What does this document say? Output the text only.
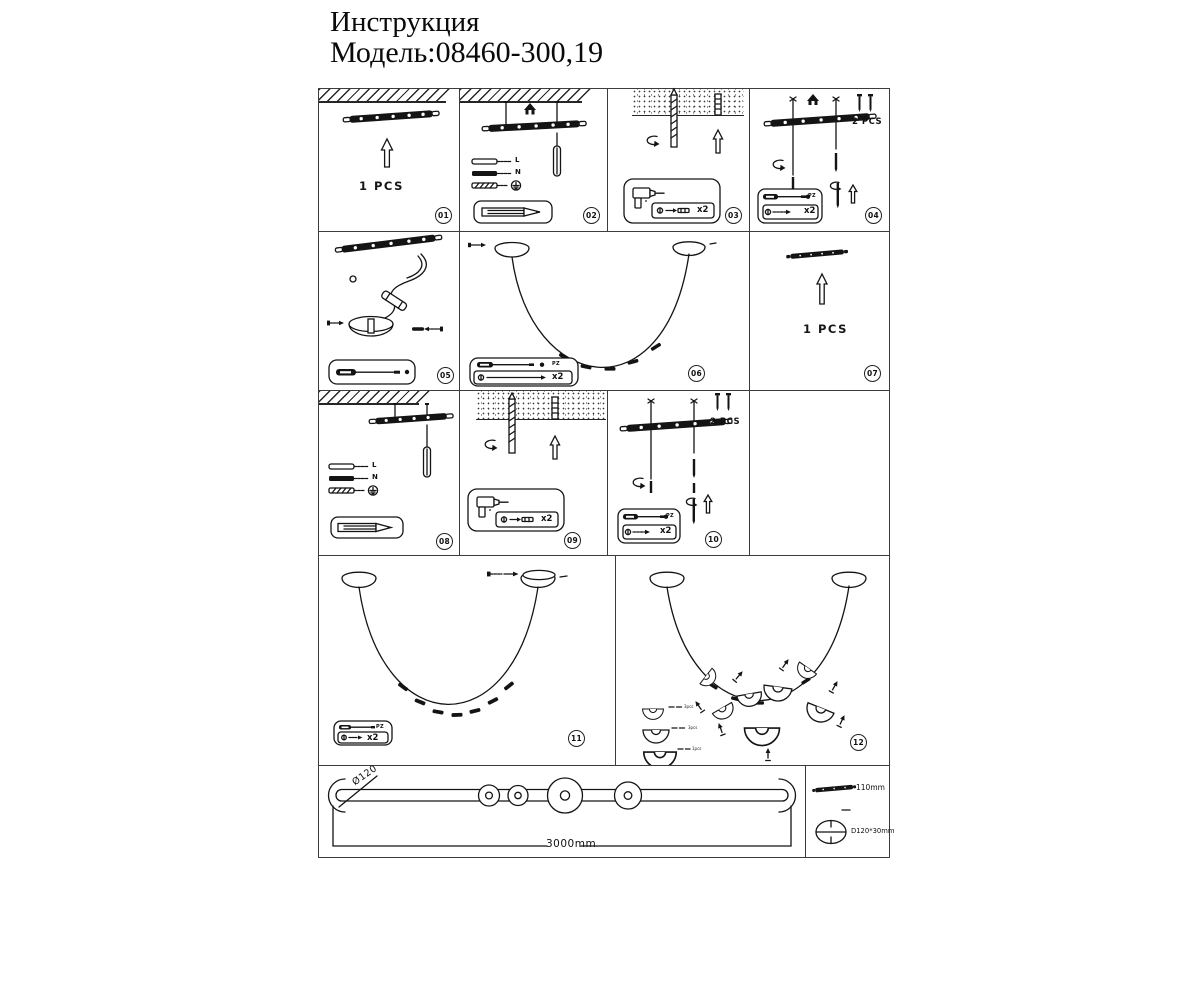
Инструкция
Модель:08460-300,19
1 PCS
01
L
N
02
x2
03
2 PCS
PZ
x2	04
05
PZ
x2	06
1 PCS
07
L
N
08
x2
09
2 PCS
PZ
x2
10
PZ
x2	11
3pcs
3pcs
1pcs
12
Ø120
3000mm
110mm
D120*30mm
